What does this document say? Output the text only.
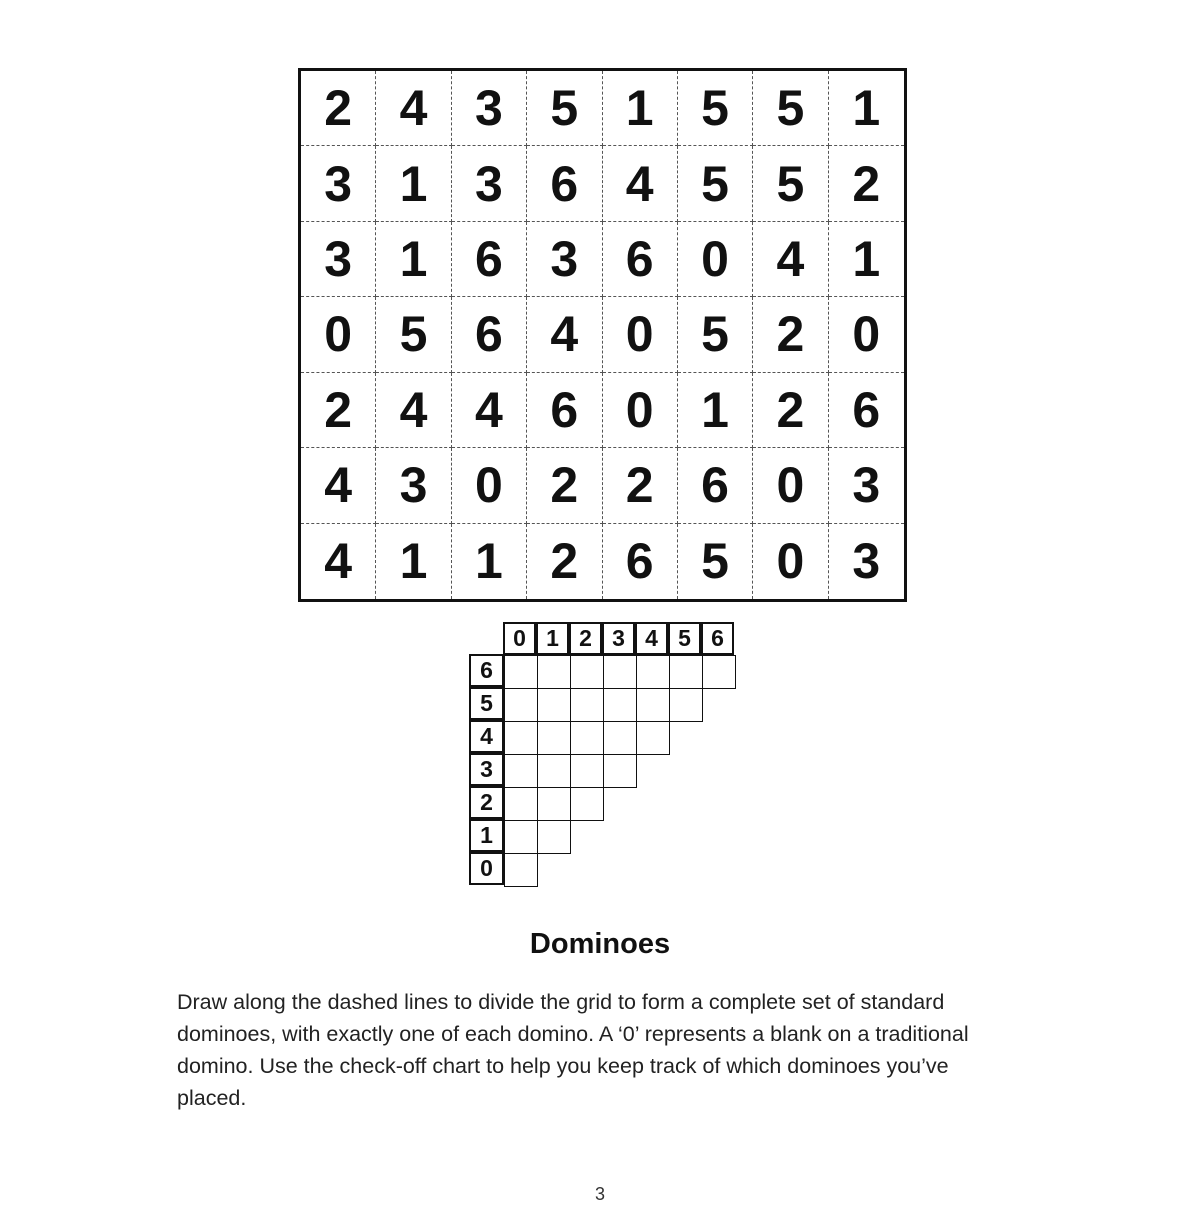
2 4 3 5 1 5 5 1
3 1 3 6 4 5 5 2
3 1 6 3 6 0 4 1
0 5 6 4 0 5 2 0
2 4 4 6 0 1 2 6
4 3 0 2 2 6 0 3
4 1 1 2 6 5 0 3
0 1 2 3 4 5 6
6
5
4
3
2
1
0
Dominoes

Draw along the dashed lines to divide the grid to form a complete set of standard dominoes, with exactly one of each domino. A ‘0’ represents a blank on a traditional domino. Use the check-off chart to help you keep track of which dominoes you’ve placed.

3
